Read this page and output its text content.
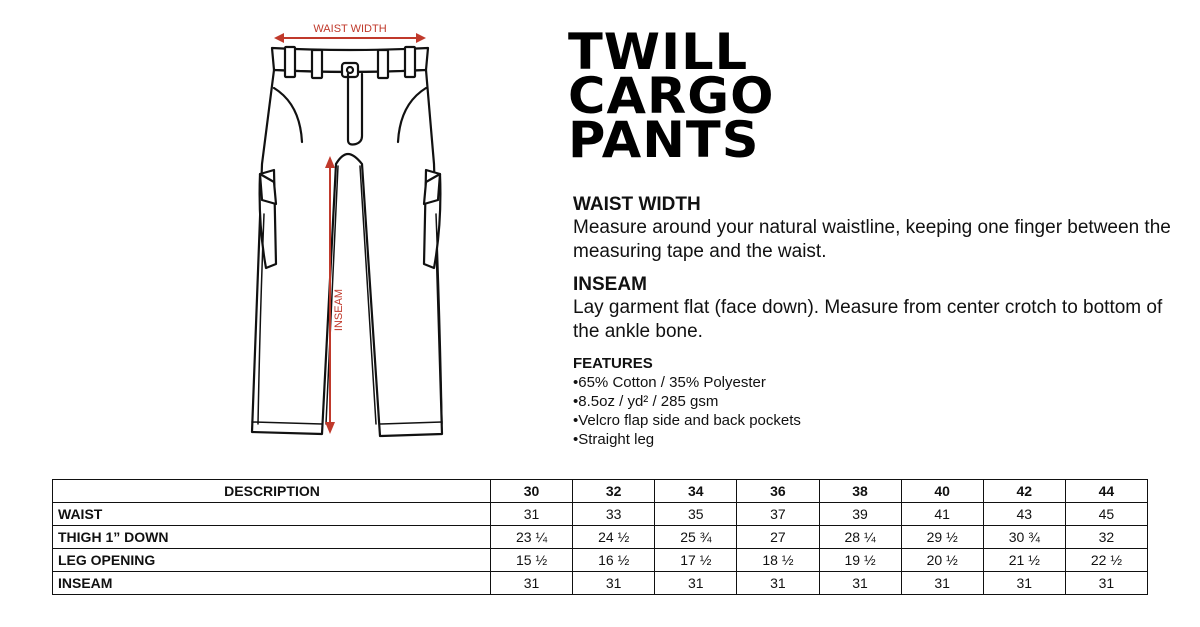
WAIST WIDTH
INSEAM
TWILL
CARGO
PANTS
WAIST WIDTH
Measure around your natural waistline, keeping one finger between the measuring tape and the waist.
INSEAM
Lay garment flat (face down). Measure from center crotch to bottom of the ankle bone.
FEATURES
•65% Cotton / 35% Polyester
•8.5oz / yd² / 285 gsm
•Velcro flap side and back pockets
•Straight leg
DESCRIPTION	30	32	34	36	38	40	42	44
WAIST	31	33	35	37	39	41	43	45
THIGH 1” DOWN	23 ¼	24 ½	25 ¾	27	28 ¼	29 ½	30 ¾	32
LEG OPENING	15 ½	16 ½	17 ½	18 ½	19 ½	20 ½	21 ½	22 ½
INSEAM	31	31	31	31	31	31	31	31
